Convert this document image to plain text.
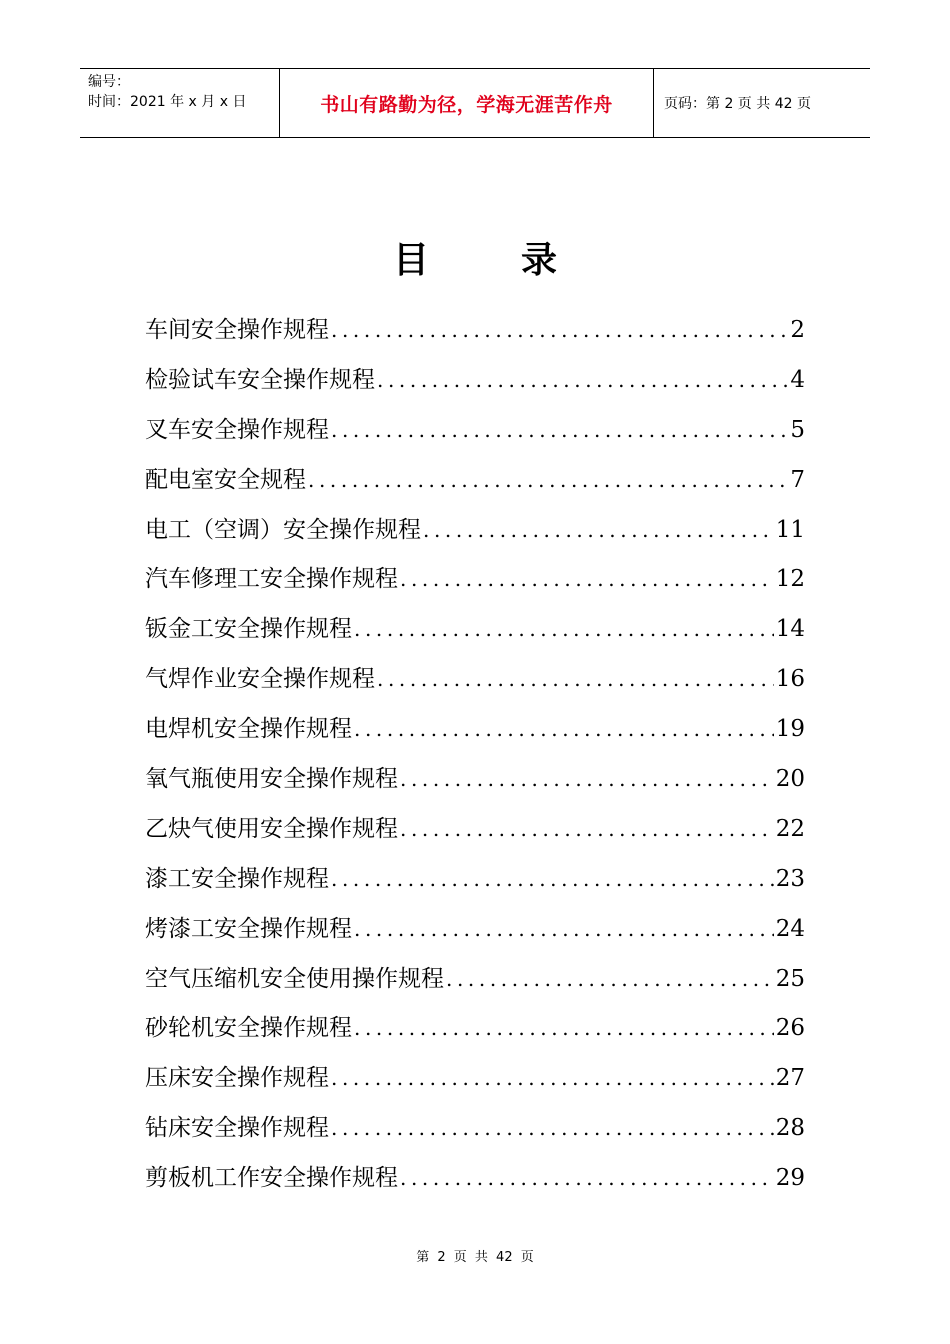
编号：
时间：2021 年 x 月 x 日	书山有路勤为径，学海无涯苦作舟	页码：第 2 页 共 42 页
目	录
车间安全操作规程 .....	2
检验试车安全操作规程 .....	4
叉车安全操作规程 .....	5
配电室安全规程 .....	7
电工（空调）安全操作规程 .....	11
汽车修理工安全操作规程 .....	12
钣金工安全操作规程 .....	14
气焊作业安全操作规程 .....	16
电焊机安全操作规程 .....	19
氧气瓶使用安全操作规程 .....	20
乙炔气使用安全操作规程 .....	22
漆工安全操作规程 .....	23
烤漆工安全操作规程 .....	24
空气压缩机安全使用操作规程 .....	25
砂轮机安全操作规程 .....	26
压床安全操作规程 .....	27
钻床安全操作规程 .....	28
剪板机工作安全操作规程 .....	29
第 2 页 共 42 页
